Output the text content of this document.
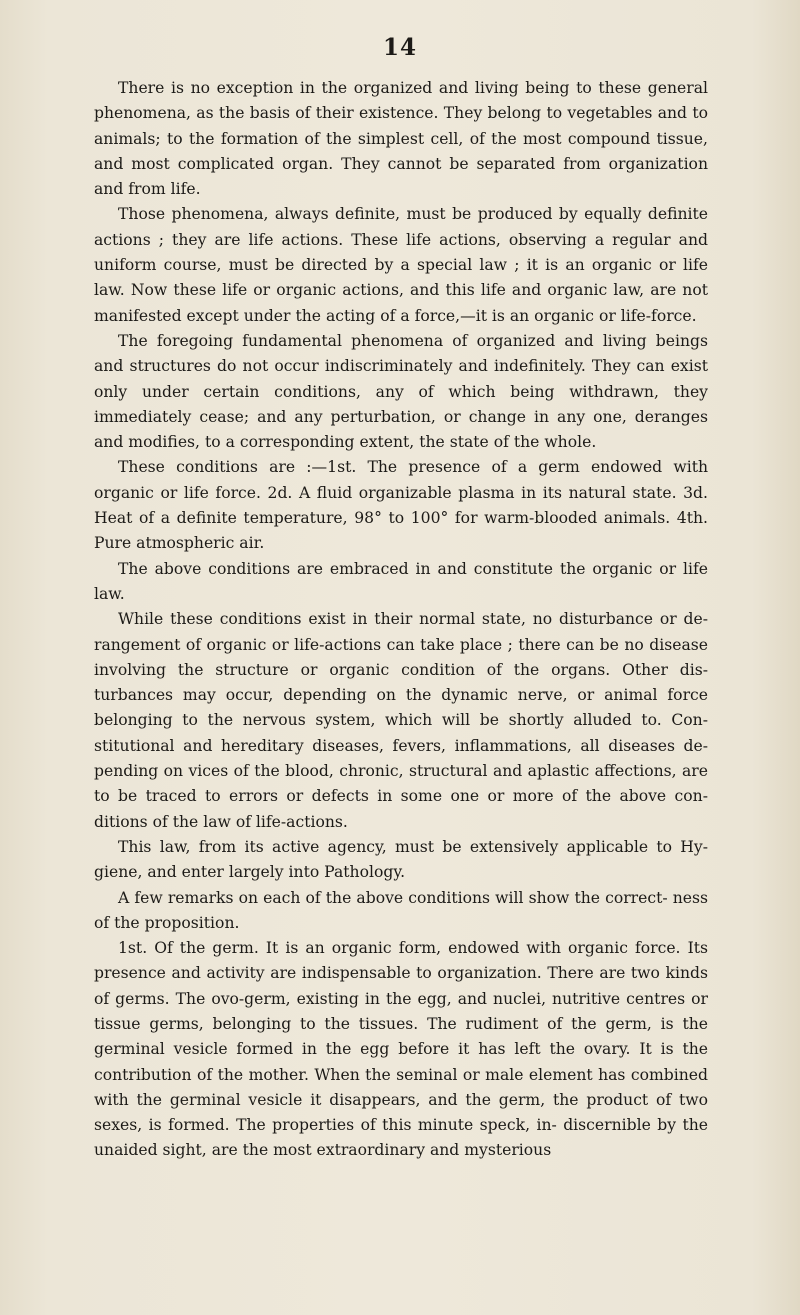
14

There is no exception in the organized and living being to these general phenomena, as the basis of their existence. They belong to vegetables and to animals; to the formation of the simplest cell, of the most compound tissue, and most complicated organ. They cannot be separated from organization and from life.

Those phenomena, always definite, must be produced by equally definite actions ; they are life actions. These life actions, observing a regular and uniform course, must be directed by a special law ; it is an organic or life law. Now these life or organic actions, and this life and organic law, are not manifested except under the acting of a force,—it is an organic or life-force.

The foregoing fundamental phenomena of organized and living beings and structures do not occur indiscriminately and indefinitely. They can exist only under certain conditions, any of which being withdrawn, they immediately cease; and any perturbation, or change in any one, deranges and modifies, to a corresponding extent, the state of the whole.

These conditions are :—1st. The presence of a germ endowed with organic or life force. 2d. A fluid organizable plasma in its natural state. 3d. Heat of a definite temperature, 98° to 100° for warm-blooded animals. 4th. Pure atmospheric air.

The above conditions are embraced in and constitute the organic or life law.

While these conditions exist in their normal state, no disturbance or de- rangement of organic or life-actions can take place ; there can be no disease involving the structure or organic condition of the organs. Other dis- turbances may occur, depending on the dynamic nerve, or animal force belonging to the nervous system, which will be shortly alluded to. Con- stitutional and hereditary diseases, fevers, inflammations, all diseases de- pending on vices of the blood, chronic, structural and aplastic affections, are to be traced to errors or defects in some one or more of the above con- ditions of the law of life-actions.

This law, from its active agency, must be extensively applicable to Hy- giene, and enter largely into Pathology.

A few remarks on each of the above conditions will show the correct- ness of the proposition.

1st. Of the germ. It is an organic form, endowed with organic force. Its presence and activity are indispensable to organization. There are two kinds of germs. The ovo-germ, existing in the egg, and nuclei, nutritive centres or tissue germs, belonging to the tissues. The rudiment of the germ, is the germinal vesicle formed in the egg before it has left the ovary. It is the contribution of the mother. When the seminal or male element has combined with the germinal vesicle it disappears, and the germ, the product of two sexes, is formed. The properties of this minute speck, in- discernible by the unaided sight, are the most extraordinary and mysterious
